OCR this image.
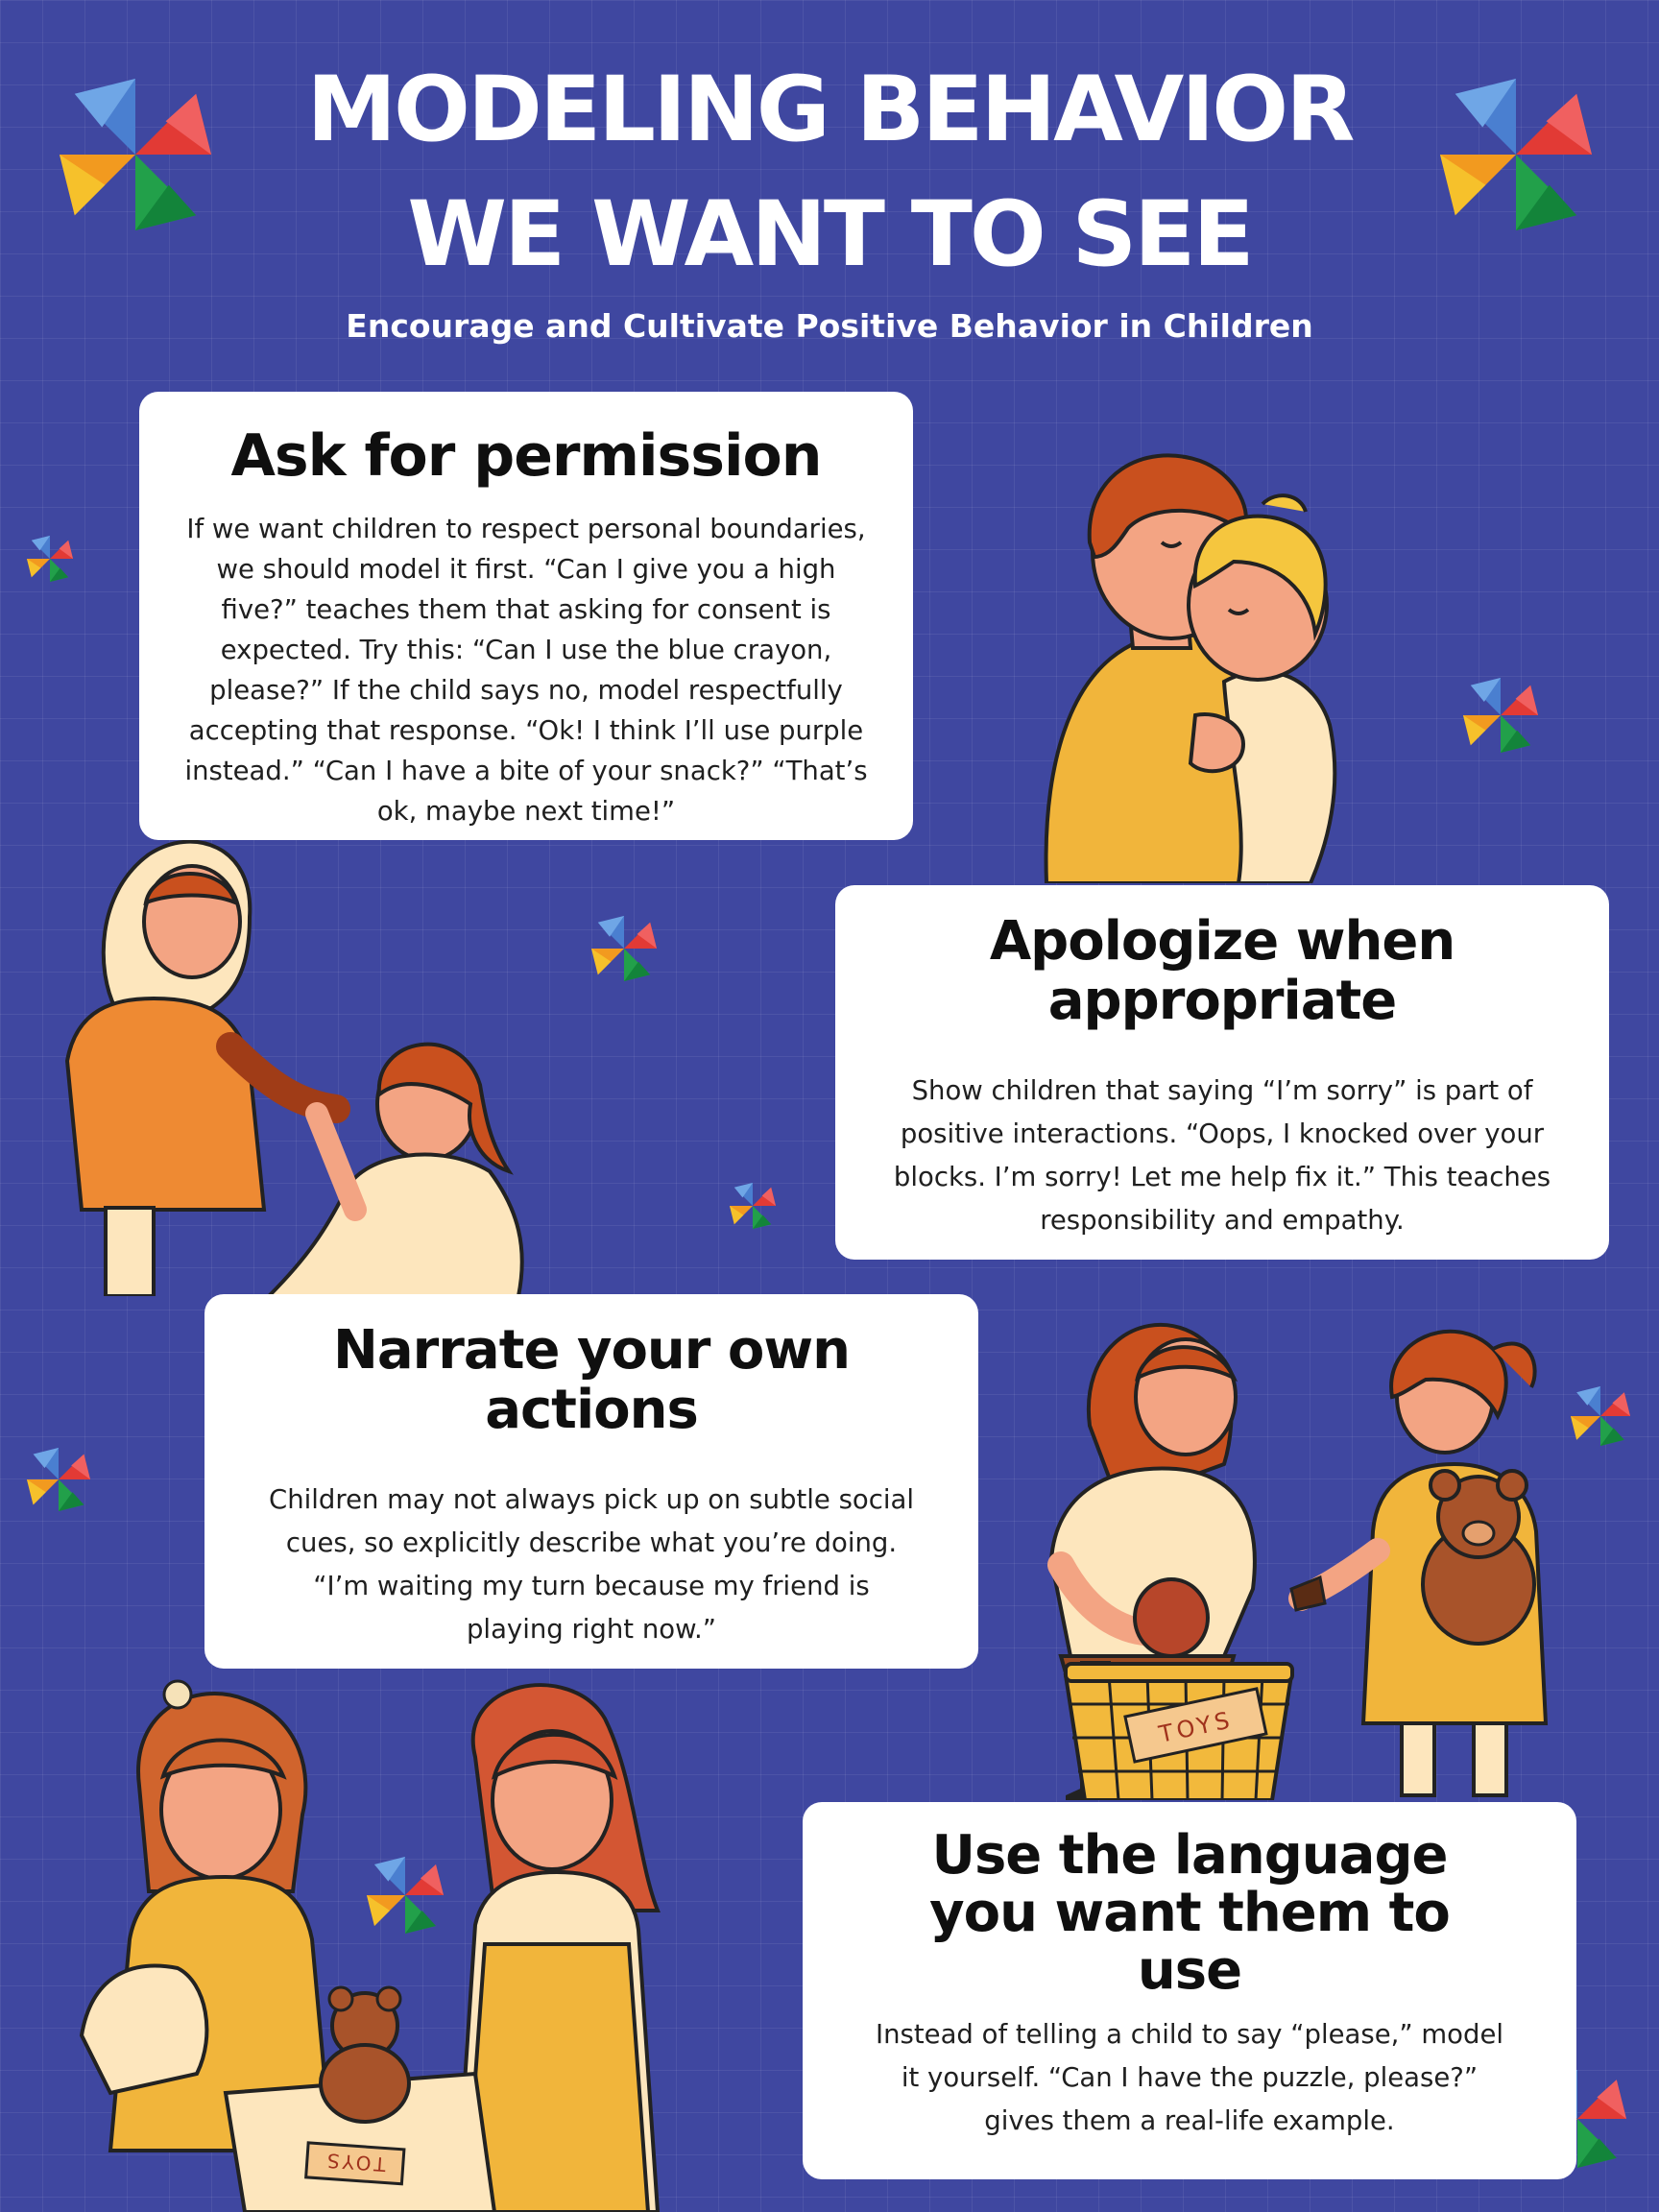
MODELING BEHAVIOR
WE WANT TO SEE
Encourage and Cultivate Positive Behavior in Children
TOYS
TOYS
Ask for permission

If we want children to respect personal boundaries, we should model it first. “Can I give you a high five?” teaches them that asking for consent is expected. Try this: “Can I use the blue crayon, please?” If the child says no, model respectfully accepting that response. “Ok! I think I’ll use purple instead.” “Can I have a bite of your snack?” “That’s ok, maybe next time!”

Apologize when appropriate

Show children that saying “I’m sorry” is part of positive interactions. “Oops, I knocked over your blocks. I’m sorry! Let me help fix it.” This teaches responsibility and empathy.

Narrate your own actions

Children may not always pick up on subtle social cues, so explicitly describe what you’re doing. “I’m waiting my turn because my friend is playing right now.”

Use the language you want them to use

Instead of telling a child to say “please,” model it yourself. “Can I have the puzzle, please?” gives them a real-life example.
